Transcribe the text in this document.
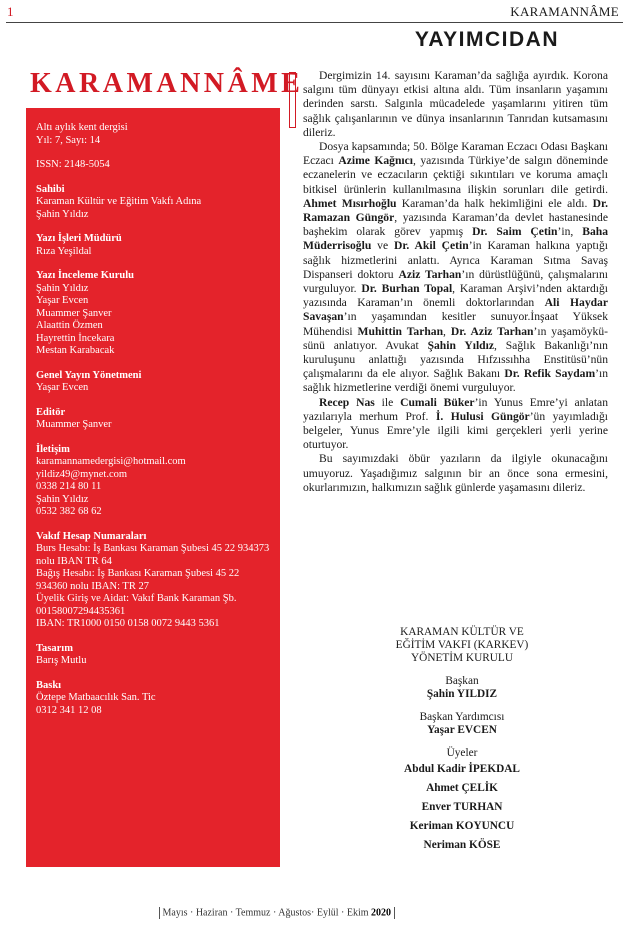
1	KARAMANNÂME
YAYIMCIDAN
KARAMANNÂME
Altı aylık kent dergisi
Yıl: 7, Sayı: 14
ISSN: 2148-5054
Sahibi
Karaman Kültür ve Eğitim Vakfı Adına
Şahin Yıldız
Yazı İşleri Müdürü
Rıza Yeşildal
Yazı İnceleme Kurulu
Şahin Yıldız
Yaşar Evcen
Muammer Şanver
Alaattin Özmen
Hayrettin İncekara
Mestan Karabacak
Genel Yayın Yönetmeni
Yaşar Evcen
Editör
Muammer Şanver
İletişim
karamannamedergisi@hotmail.com
yildiz49@mynet.com
0338 214 80 11
Şahin Yıldız
0532 382 68 62
Vakıf Hesap Numaraları
Burs Hesabı: İş Bankası Karaman Şubesi 45 22 934373 nolu IBAN TR 64
Bağış Hesabı: İş Bankası Karaman Şubesi 45 22 934360 nolu IBAN: TR 27
Üyelik Giriş ve Aidat: Vakıf Bank Karaman Şb. 00158007294435361
IBAN: TR1000 0150 0158 0072 9443 5361
Tasarım
Barış Mutlu
Baskı
Öztepe Matbaacılık San. Tic
0312 341 12 08

Dergimizin 14. sayısını Karaman’da sağlığa ayırdık. Korona salgını tüm dünyayı etkisi altına aldı. Tüm insanların yaşamını derinden sarstı. Salgınla mücadelede yaşamlarını yitiren tüm sağlık çalışanlarının ve dünya insanlarının Tanrıdan kutsamasını dileriz.

Dosya kapsamında; 50. Bölge Karaman Eczacı Odası Başkanı Eczacı Azime Kağnıcı, yazısında Türkiye’de salgın döneminde eczanelerin ve eczacıların çektiği sıkıntıları ve koruma amaçlı bitkisel ürünlerin kullanılmasına ilişkin sorunları dile getirdi. Ahmet Mısırhoğlu Karaman’da halk hekimliğini ele aldı. Dr. Ramazan Güngör, yazısında Karaman’da devlet hastanesinde başhekim olarak görev yapmış Dr. Saim Çetin’in, Baha Müderrisoğlu ve Dr. Akil Çetin’in Karaman halkına yaptığı sağlık hizmetlerini anlattı. Ayrıca Karaman Sıtma Savaş Dispanseri doktoru Aziz Tarhan’ın dürüstlüğünü, çalışmalarını vurguluyor. Dr. Burhan Topal, Karaman Arşivi’nden aktardığı yazısında Karaman’ın önemli doktorlarından Ali Haydar Savaşan’ın yaşamından kesitler sunuyor.İnşaat Yüksek Mühendisi Muhittin Tarhan, Dr. Aziz Tarhan’ın yaşamöyküsünü anlatıyor. Avukat Şahin Yıldız, Sağlık Bakanlığı’nın kuruluşunu anlattığı yazısında Hıfzıssıhha Enstitüsü’nün çalışmalarını da ele alıyor. Sağlık Bakanı Dr. Refik Saydam’ın sağlık hizmetlerine verdiği önemi vurguluyor.

Recep Nas ile Cumali Büker’in Yunus Emre’yi anlatan yazılarıyla merhum Prof. İ. Hulusi Güngör’ün yayımladığı belgeler, Yunus Emre’yle ilgili kimi gerçekleri yerli yerine oturtuyor.

Bu sayımızdaki öbür yazıların da ilgiyle okunacağını umuyoruz. Yaşadığımız salgının bir an önce sona ermesini, okurlarımızın, halkımızın sağlık günlerde yaşamasını dileriz.

KARAMAN KÜLTÜR VE
EĞİTİM VAKFI (KARKEV)
YÖNETİM KURULU
Başkan
Şahin YILDIZ
Başkan Yardımcısı
Yaşar EVCEN
Üyeler
Abdul Kadir İPEKDAL
Ahmet ÇELİK
Enver TURHAN
Keriman KOYUNCU
Neriman KÖSE
Mayıs · Haziran · Temmuz · Ağustos· Eylül · Ekim 2020
